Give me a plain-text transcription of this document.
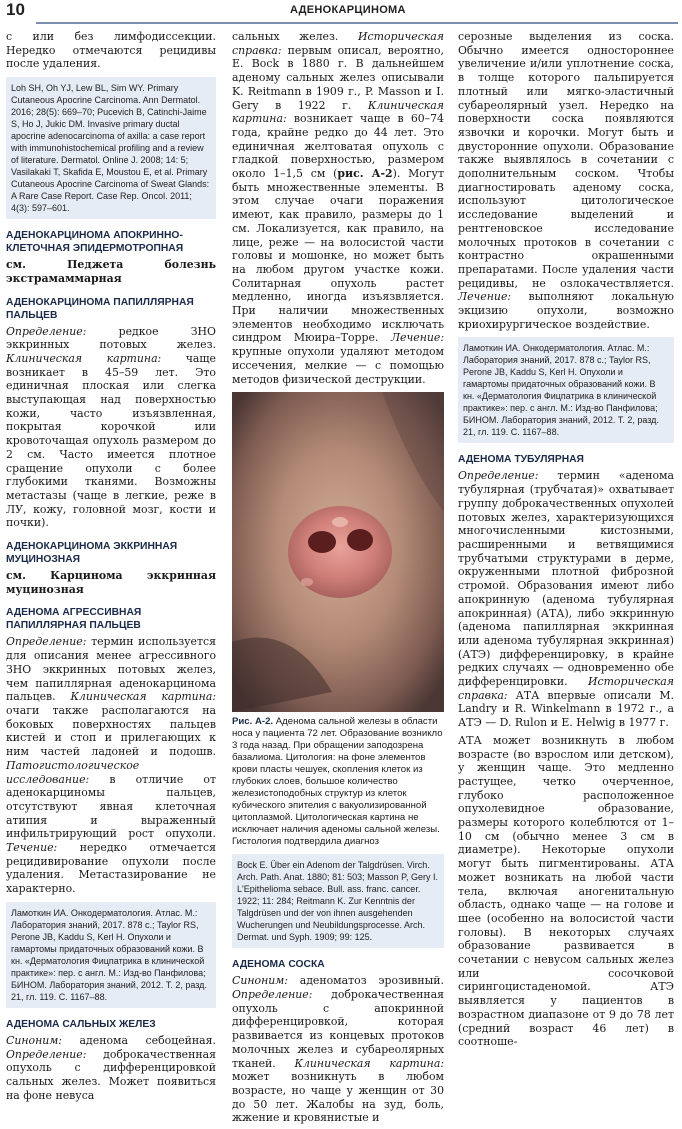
10	АДЕНОКАРЦИНОМА

с или без лимфодиссекции. Нередко отмечаются рецидивы после удаления.

Loh SH, Oh YJ, Lew BL, Sim WY. Primary Cutaneous Apocrine Carcinoma. Ann Dermatol. 2016; 28(5): 669–70; Pucevich B, Catinchi-Jaime S, Ho J, Jukic DM. Invasive primary ductal apocrine adenocarcinoma of axilla: a case report with immunohistochemical profiling and a review of literature. Dermatol. Online J. 2008; 14: 5; Vasilakaki T, Skafida E, Moustou E, et al. Primary Cutaneous Apocrine Carcinoma of Sweat Glands: A Rare Case Report. Case Rep. Oncol. 2011; 4(3): 597–601.
АДЕНОКАРЦИНОМА АПОКРИННО-КЛЕТОЧНАЯ ЭПИДЕРМОТРОПНАЯ

см. Педжета болезнь экстрамаммарная

АДЕНОКАРЦИНОМА ПАПИЛЛЯРНАЯ ПАЛЬЦЕВ

Определение: редкое ЗНО эккринных потовых желез. Клиническая картина: чаще возникает в 45–59 лет. Это единичная плоская или слегка выступающая над поверхностью кожи, часто изъязвленная, покрытая корочкой или кровоточащая опухоль размером до 2 см. Часто имеется плотное сращение опухоли с более глубокими тканями. Возможны метастазы (чаще в легкие, реже в ЛУ, кожу, головной мозг, кости и почки).

АДЕНОКАРЦИНОМА ЭККРИННАЯ МУЦИНОЗНАЯ

см. Карцинома эккринная муцинозная

АДЕНОМА АГРЕССИВНАЯ ПАПИЛЛЯРНАЯ ПАЛЬЦЕВ

Определение: термин используется для описания менее агрессивного ЗНО эккринных потовых желез, чем папиллярная аденокарцинома пальцев. Клиническая картина: очаги также располагаются на боковых поверхностях пальцев кистей и стоп и прилегающих к ним частей ладоней и подошв. Патогистологическое исследование: в отличие от аденокарциномы пальцев, отсутствуют явная клеточная атипия и выраженный инфильтрирующий рост опухоли. Течение: нередко отмечается рецидивирование опухоли после удаления. Метастазирование не характерно.

Ламоткин ИА. Онкодерматология. Атлас. М.: Лаборатория знаний, 2017. 878 с.; Taylor RS, Perone JB, Kaddu S, Kerl H. Опухоли и гамартомы придаточных образований кожи. В кн. «Дерматология Фицпатрика в клинической практике»: пер. с англ. М.: Изд-во Панфилова; БИНОМ. Лаборатория знаний, 2012. Т. 2, разд. 21, гл. 119. С. 1167–88.
АДЕНОМА САЛЬНЫХ ЖЕЛЕЗ

Синоним: аденома себоцейная. Определение: доброкачественная опухоль с дифференцировкой сальных желез. Может появиться на фоне невуса

сальных желез. Историческая справка: первым описал, вероятно, E. Bock в 1880 г. В дальнейшем аденому сальных желез описывали K. Reitmann в 1909 г., P. Masson и I. Gery в 1922 г. Клиническая картина: возникает чаще в 60–74 года, крайне редко до 44 лет. Это единичная желтоватая опухоль с гладкой поверхностью, размером около 1–1,5 см (рис. А-2). Могут быть множественные элементы. В этом случае очаги поражения имеют, как правило, размеры до 1 см. Локализуется, как правило, на лице, реже — на волосистой части головы и мошонке, но может быть на любом другом участке кожи. Солитарная опухоль растет медленно, иногда изъязвляется. При наличии множественных элементов необходимо исключать синдром Мюира–Торре. Лечение: крупные опухоли удаляют методом иссечения, мелкие — с помощью методов физической деструкции.

Рис. А-2. Аденома сальной железы в области носа у пациента 72 лет. Образование возникло 3 года назад. При обращении заподозрена базалиома. Цитология: на фоне элементов крови пласты чешуек, скопления клеток из глубоких слоев, большое количество железистоподобных структур из клеток кубического эпителия с вакуолизированной цитоплазмой. Цитологическая картина не исключает наличия аденомы сальной железы. Гистология подтвердила диагноз

Bock E. Über ein Adenom der Talgdrüsen. Virch. Arch. Path. Anat. 1880; 81: 503; Masson P, Gery I. L'Epithelioma sebace. Bull. ass. franc. cancer. 1922; 11: 284; Reitmann K. Zur Kenntnis der Talgdrüsen und der von ihnen ausgehenden Wucherungen und Neubildungsprocesse. Arch. Dermat. und Syph. 1909; 99: 125.
АДЕНОМА СОСКА

Синоним: аденоматоз эрозивный. Определение: доброкачественная опухоль с апокринной дифференцировкой, которая развивается из концевых протоков молочных желез и субареолярных тканей. Клиническая картина: может возникнуть в любом возрасте, но чаще у женщин от 30 до 50 лет. Жалобы на зуд, боль, жжение и кровянистые и

серозные выделения из соска. Обычно имеется одностороннее увеличение и/или уплотнение соска, в толще которого пальпируется плотный или мягко-эластичный субареолярный узел. Нередко на поверхности соска появляются язвочки и корочки. Могут быть и двусторонние опухоли. Образование также выявлялось в сочетании с дополнительным соском. Чтобы диагностировать аденому соска, используют цитологическое исследование выделений и рентгеновское исследование молочных протоков в сочетании с контрастно окрашенными препаратами. После удаления части рецидивы, не озлокачествляется. Лечение: выполняют локальную экцизию опухоли, возможно криохирургическое воздействие.

Ламоткин ИА. Онкодерматология. Атлас. М.: Лаборатория знаний, 2017. 878 с.; Taylor RS, Perone JB, Kaddu S, Kerl H. Опухоли и гамартомы придаточных образований кожи. В кн. «Дерматология Фицпатрика в клинической практике»: пер. с англ. М.: Изд-во Панфилова; БИНОМ. Лаборатория знаний, 2012. Т. 2, разд. 21, гл. 119. С. 1167–88.
АДЕНОМА ТУБУЛЯРНАЯ

Определение: термин «аденома тубулярная (трубчатая)» охватывает группу доброкачественных опухолей потовых желез, характеризующихся многочисленными кистозными, расширенными и ветвящимися трубчатыми структурами в дерме, окруженными плотной фиброзной стромой. Образования имеют либо апокринную (аденома тубулярная апокринная) (АТА), либо эккринную (аденома папиллярная эккринная или аденома тубулярная эккринная) (АТЭ) дифференцировку, в крайне редких случаях — одновременно обе дифференцировки. Историческая справка: АТА впервые описали M. Landry и R. Winkelmann в 1972 г., а АТЭ — D. Rulon и E. Helwig в 1977 г.

АТА может возникнуть в любом возрасте (во взрослом или детском), у женщин чаще. Это медленно растущее, четко очерченное, глубоко расположенное опухолевидное образование, размеры которого колеблются от 1–10 см (обычно менее 3 см в диаметре). Некоторые опухоли могут быть пигментированы. АТА может возникать на любой части тела, включая аногенитальную область, однако чаще — на голове и шее (особенно на волосистой части головы). В некоторых случаях образование развивается в сочетании с невусом сальных желез или сосочковой сирингоцистаденомой. АТЭ выявляется у пациентов в возрастном диапазоне от 9 до 78 лет (средний возраст 46 лет) в соотноше-
